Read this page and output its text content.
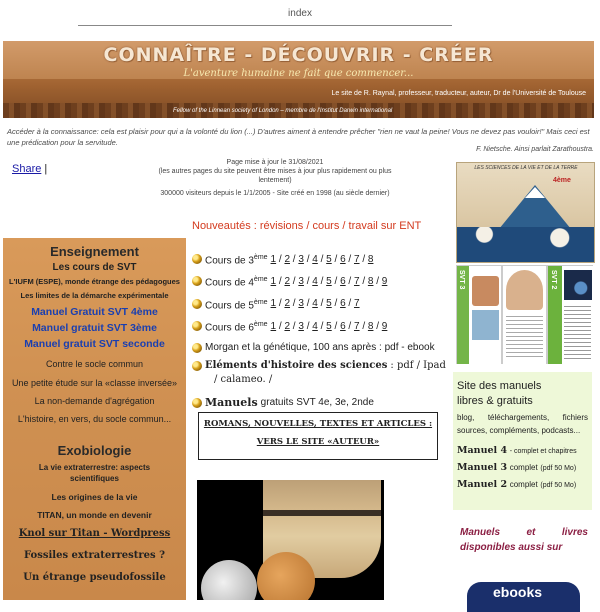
index
CONNAÎTRE - DÉCOUVRIR - CRÉER
L'aventure humaine ne fait que commencer...
Le site de R. Raynal, professeur, traducteur, auteur, Dr de l'Université de Toulouse
Fellow of the Linnean society of London – membre de l'Institut Darwin international
Accéder à la connaissance: cela est plaisir pour qui a la volonté du lion (...) D'autres aiment à entendre prêcher "rien ne vaut la peine! Vous ne devez pas vouloir!" Mais ceci est une prédication pour la servitude.
F. Nietsche. Ainsi parlait Zarathoustra.
Share |
Page mise à jour le 31/08/2021
(les autres pages du site peuvent être mises à jour plus rapidement ou plus lentement)
300000 visiteurs depuis le 1/1/2005 - Site créé en 1998 (au siècle dernier)
LES SCIENCES DE LA VIE ET DE LA TERRE
4ème
SVT 3	SVT 2
Nouveautés : révisions / cours / travail sur ENT
Enseignement
Les cours de SVT
L'IUFM (ESPE), monde étrange des pédagogues
Les limites de la démarche expérimentale
Manuel Gratuit SVT 4ème
Manuel gratuit SVT 3ème
Manuel gratuit SVT seconde
Contre le socle commun
Une petite étude sur la «classe inversée»
La non-demande d'agrégation
L'histoire, en vers, du socle commun...
Exobiologie
La vie extraterrestre: aspects scientifiques
Les origines de la vie
TITAN, un monde en devenir
Knol sur Titan - Wordpress
Fossiles extraterrestres ?
Un étrange pseudofossile
Cours de 3ème 1 / 2 / 3 / 4 / 5 / 6 / 7 / 8
Cours de 4ème 1 / 2 / 3 / 4 / 5 / 6 / 7 / 8 / 9
Cours de 5ème 1 / 2 / 3 / 4 / 5 / 6 / 7
Cours de 6ème 1 / 2 / 3 / 4 / 5 / 6 / 7 / 8 / 9
Morgan et la génétique, 100 ans après : pdf - ebook
Eléments d'histoire des sciences : pdf / Ipad
/ calameo. /
Manuels gratuits SVT 4e, 3e, 2nde
ROMANS, NOUVELLES, TEXTES ET ARTICLES :
VERS LE SITE «AUTEUR»
Site des manuels
libres & gratuits
blog, téléchargements, fichiers sources, compléments, podcasts...
Manuel 4 - complet et chapitres
Manuel 3 complet (pdf 50 Mo)
Manuel 2 complet (pdf 50 Mo)
Manuels et livres disponibles aussi sur
ebooks
